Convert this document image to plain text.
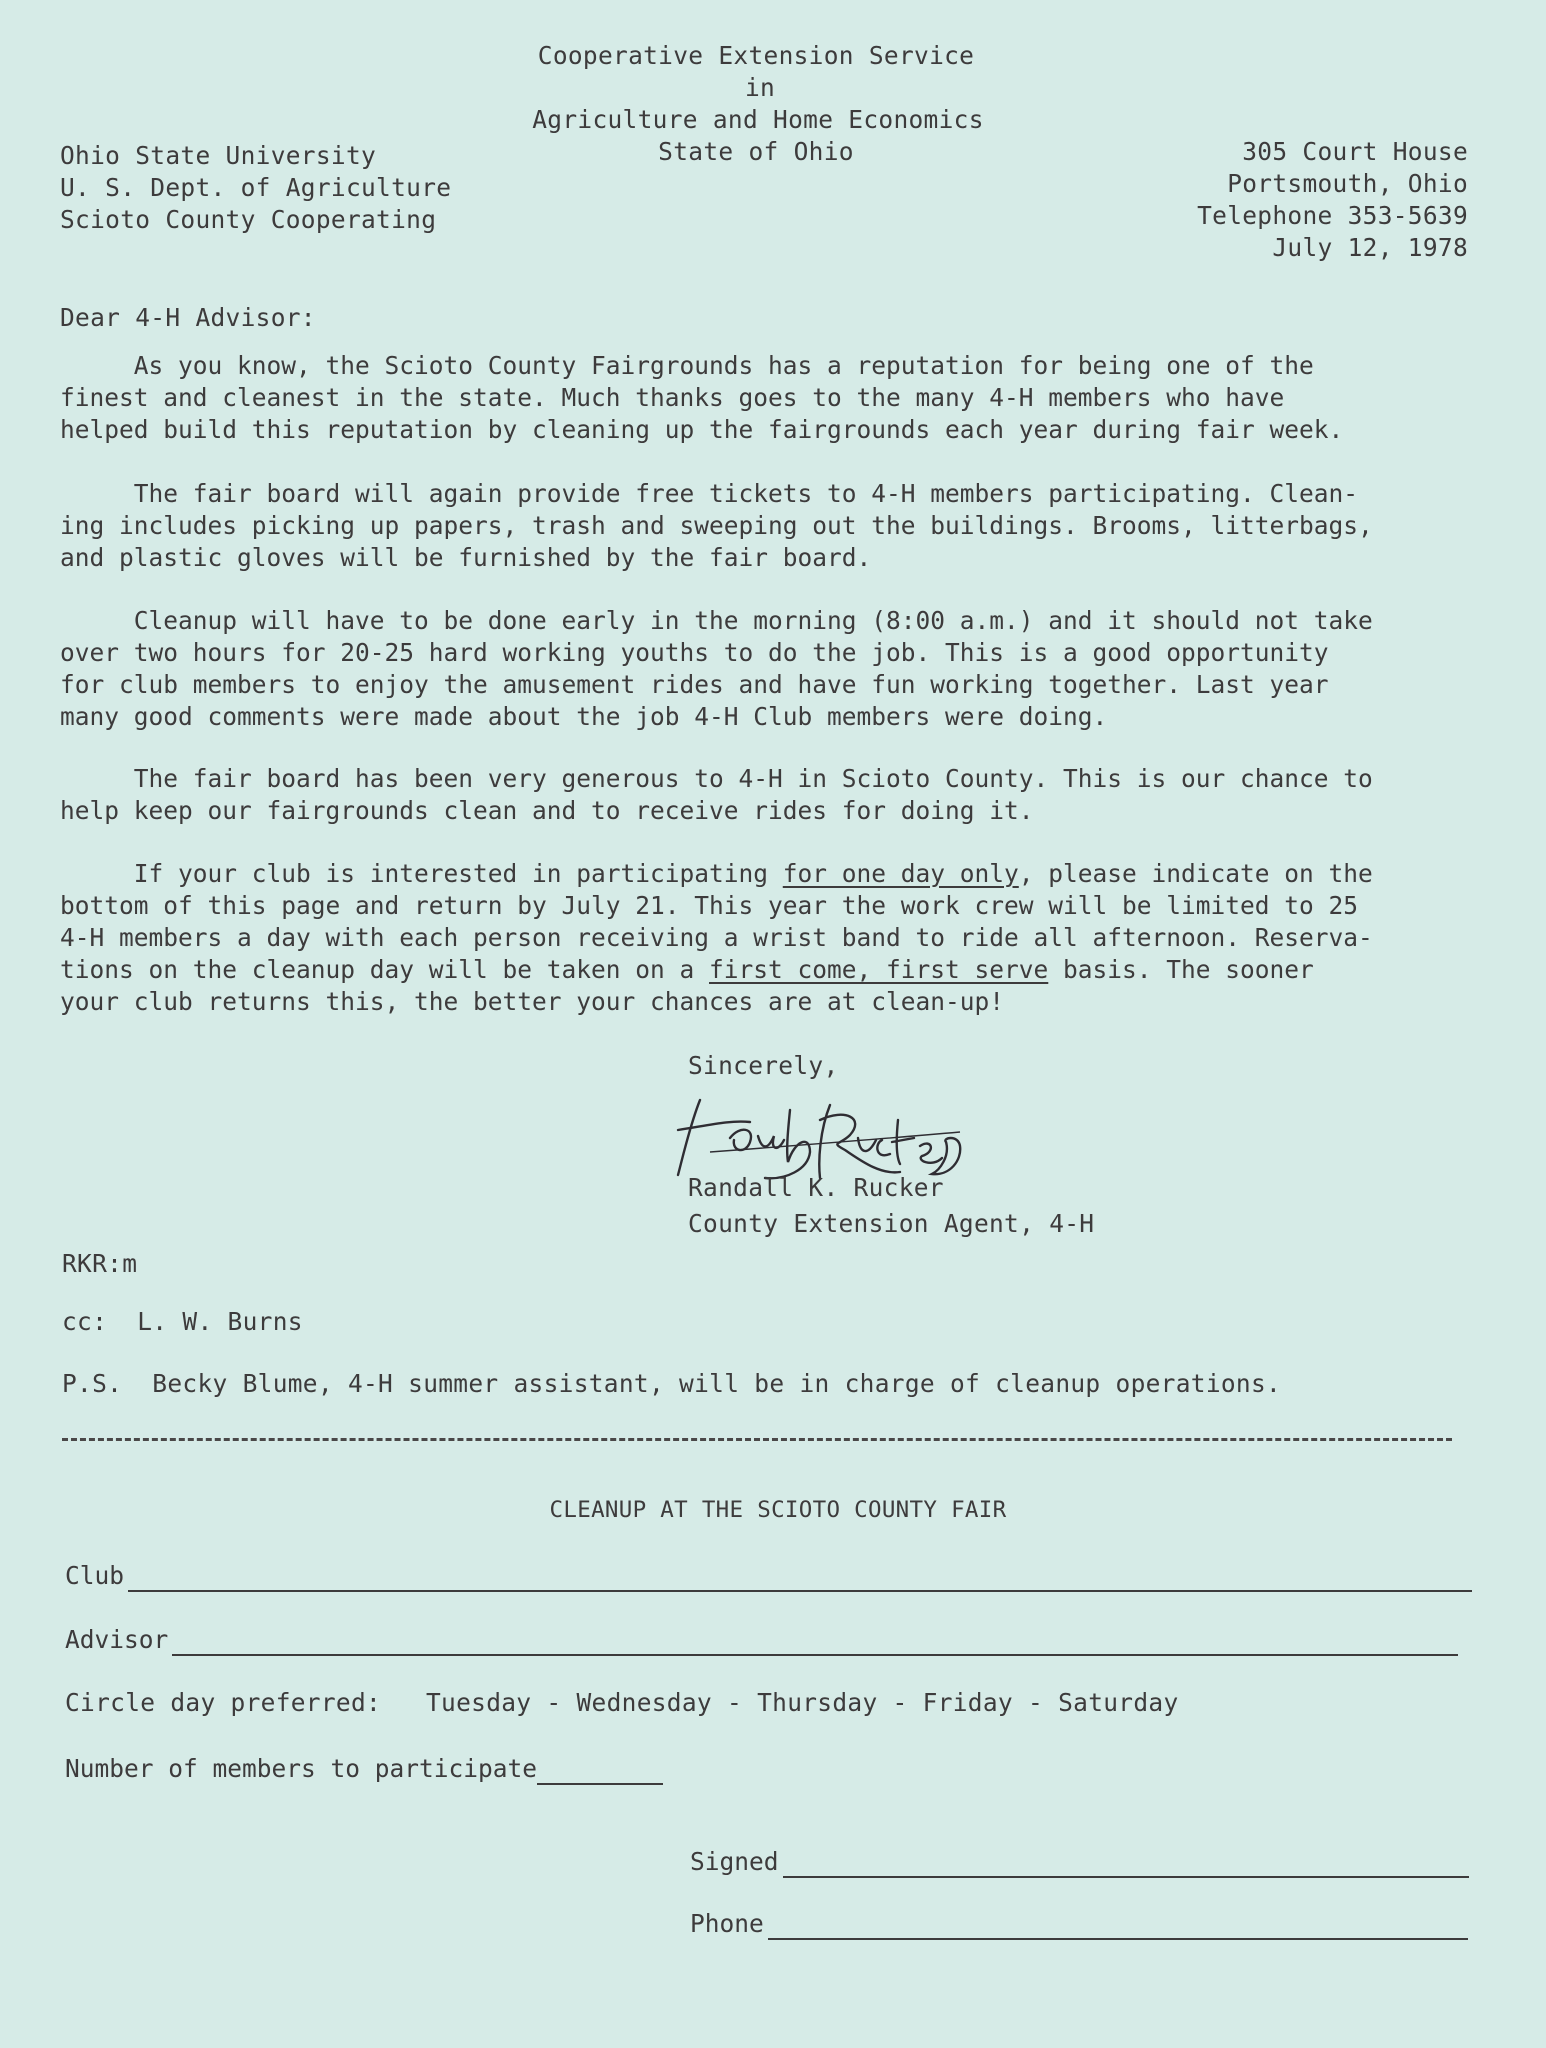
Cooperative Extension Service
in
Agriculture and Home Economics
State of Ohio
Ohio State University
U. S. Dept. of Agriculture
Scioto County Cooperating
305 Court House
Portsmouth, Ohio
Telephone 353-5639
July 12, 1978
Dear 4-H Advisor:
As you know, the Scioto County Fairgrounds has a reputation for being one of the
finest and cleanest in the state. Much thanks goes to the many 4-H members who have
helped build this reputation by cleaning up the fairgrounds each year during fair week.
The fair board will again provide free tickets to 4-H members participating. Clean-
ing includes picking up papers, trash and sweeping out the buildings. Brooms, litterbags,
and plastic gloves will be furnished by the fair board.
Cleanup will have to be done early in the morning (8:00 a.m.) and it should not take
over two hours for 20-25 hard working youths to do the job. This is a good opportunity
for club members to enjoy the amusement rides and have fun working together. Last year
many good comments were made about the job 4-H Club members were doing.
The fair board has been very generous to 4-H in Scioto County. This is our chance to
help keep our fairgrounds clean and to receive rides for doing it.
If your club is interested in participating for one day only, please indicate on the
bottom of this page and return by July 21. This year the work crew will be limited to 25
4-H members a day with each person receiving a wrist band to ride all afternoon. Reserva-
tions on the cleanup day will be taken on a first come, first serve basis. The sooner
your club returns this, the better your chances are at clean-up!
Sincerely,
Randall K. Rucker
County Extension Agent, 4-H
RKR:m
cc:  L. W. Burns
P.S.  Becky Blume, 4-H summer assistant, will be in charge of cleanup operations.
CLEANUP AT THE SCIOTO COUNTY FAIR
Club
Advisor
Circle day preferred: Tuesday - Wednesday - Thursday - Friday - Saturday
Number of members to participate
Signed
Phone
